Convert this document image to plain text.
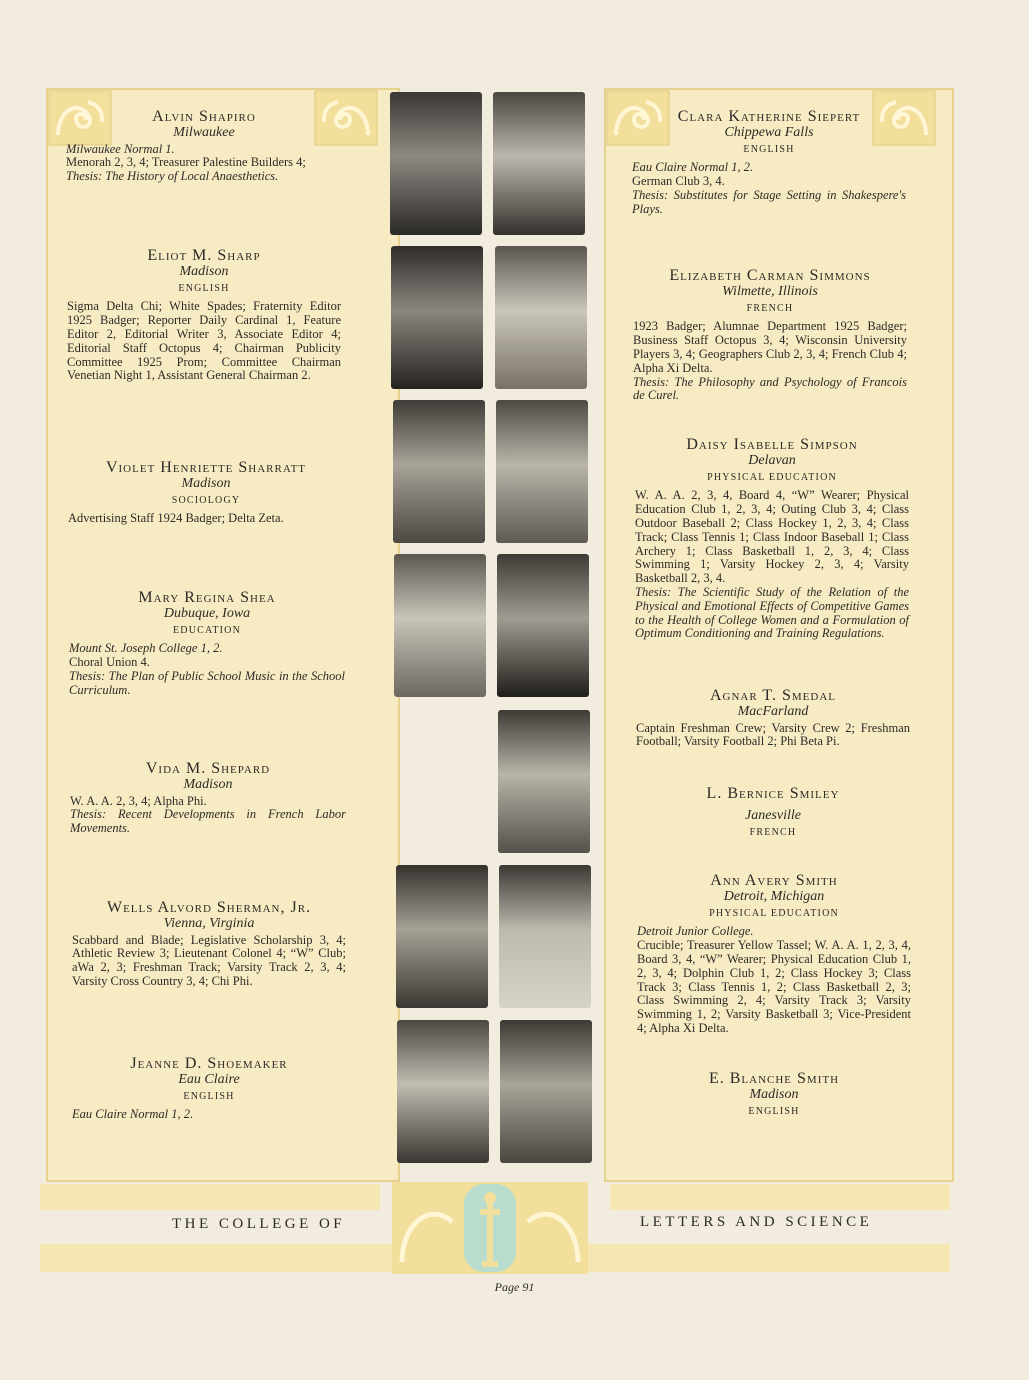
THE COLLEGE OF	LETTERS AND SCIENCE
Alvin Shapiro
Milwaukee
Milwaukee Normal 1.
Menorah 2, 3, 4; Treasurer Palestine Builders 4;
Thesis: The History of Local Anaesthetics.
Eliot M. Sharp
Madison
ENGLISH
Sigma Delta Chi; White Spades; Fraternity Editor 1925 Badger; Reporter Daily Cardinal 1, Feature Editor 2, Editorial Writer 3, Associate Editor 4; Editorial Staff Octopus 4; Chairman Publicity Committee 1925 Prom; Committee Chairman Venetian Night 1, Assistant General Chairman 2.
Violet Henriette Sharratt
Madison
SOCIOLOGY
Advertising Staff 1924 Badger; Delta Zeta.
Mary Regina Shea
Dubuque, Iowa
EDUCATION
Mount St. Joseph College 1, 2.
Choral Union 4.
Thesis: The Plan of Public School Music in the School Curriculum.
Vida M. Shepard
Madison
W. A. A. 2, 3, 4; Alpha Phi.
Thesis: Recent Developments in French Labor Movements.
Wells Alvord Sherman, Jr.
Vienna, Virginia
Scabbard and Blade; Legislative Scholarship 3, 4; Athletic Review 3; Lieutenant Colonel 4; “W” Club; aWa 2, 3; Freshman Track; Varsity Track 2, 3, 4; Varsity Cross Country 3, 4; Chi Phi.
Jeanne D. Shoemaker
Eau Claire
ENGLISH
Eau Claire Normal 1, 2.
Clara Katherine Siepert
Chippewa Falls
ENGLISH
Eau Claire Normal 1, 2.
German Club 3, 4.
Thesis: Substitutes for Stage Setting in Shakespere's Plays.
Elizabeth Carman Simmons
Wilmette, Illinois
FRENCH
1923 Badger; Alumnae Department 1925 Badger; Business Staff Octopus 3, 4; Wisconsin University Players 3, 4; Geographers Club 2, 3, 4; French Club 4; Alpha Xi Delta.
Thesis: The Philosophy and Psychology of Francois de Curel.
Daisy Isabelle Simpson
Delavan
PHYSICAL EDUCATION
W. A. A. 2, 3, 4, Board 4, “W” Wearer; Physical Education Club 1, 2, 3, 4; Outing Club 3, 4; Class Outdoor Baseball 2; Class Hockey 1, 2, 3, 4; Class Track; Class Tennis 1; Class Indoor Baseball 1; Class Archery 1; Class Basketball 1, 2, 3, 4; Class Swimming 1; Varsity Hockey 2, 3, 4; Varsity Basketball 2, 3, 4.
Thesis: The Scientific Study of the Relation of the Physical and Emotional Effects of Competitive Games to the Health of College Women and a Formulation of Optimum Conditioning and Training Regulations.
Agnar T. Smedal
MacFarland
Captain Freshman Crew; Varsity Crew 2; Freshman Football; Varsity Football 2; Phi Beta Pi.
L. Bernice Smiley
Janesville
FRENCH
Ann Avery Smith
Detroit, Michigan
PHYSICAL EDUCATION
Detroit Junior College.
Crucible; Treasurer Yellow Tassel; W. A. A. 1, 2, 3, 4, Board 3, 4, “W” Wearer; Physical Education Club 1, 2, 3, 4; Dolphin Club 1, 2; Class Hockey 3; Class Track 3; Class Tennis 1, 2; Class Basketball 2, 3; Class Swimming 2, 4; Varsity Track 3; Varsity Swimming 1, 2; Varsity Basketball 3; Vice-President 4; Alpha Xi Delta.
E. Blanche Smith
Madison
ENGLISH
Page 91
